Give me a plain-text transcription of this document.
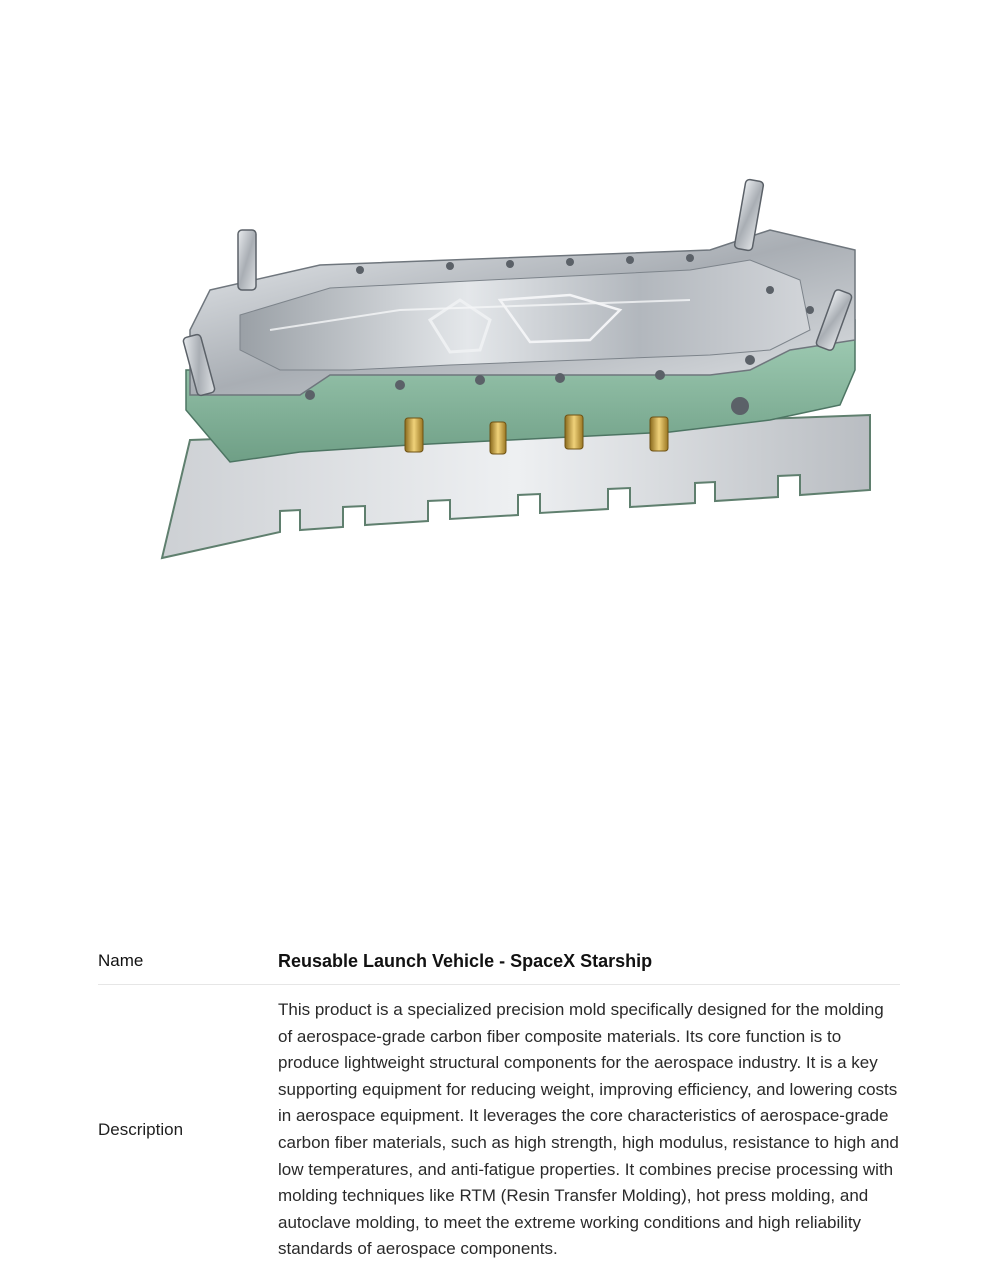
Name	Reusable Launch Vehicle - SpaceX Starship
Description
This product is a specialized precision mold specifically designed for the molding of aerospace-grade carbon fiber composite materials. Its core function is to produce lightweight structural components for the aerospace industry. It is a key supporting equipment for reducing weight, improving efficiency, and lowering costs in aerospace equipment. It leverages the core characteristics of aerospace-grade carbon fiber materials, such as high strength, high modulus, resistance to high and low temperatures, and anti-fatigue properties. It combines precise processing with molding techniques like RTM (Resin Transfer Molding), hot press molding, and autoclave molding, to meet the extreme working conditions and high reliability standards of aerospace components.
